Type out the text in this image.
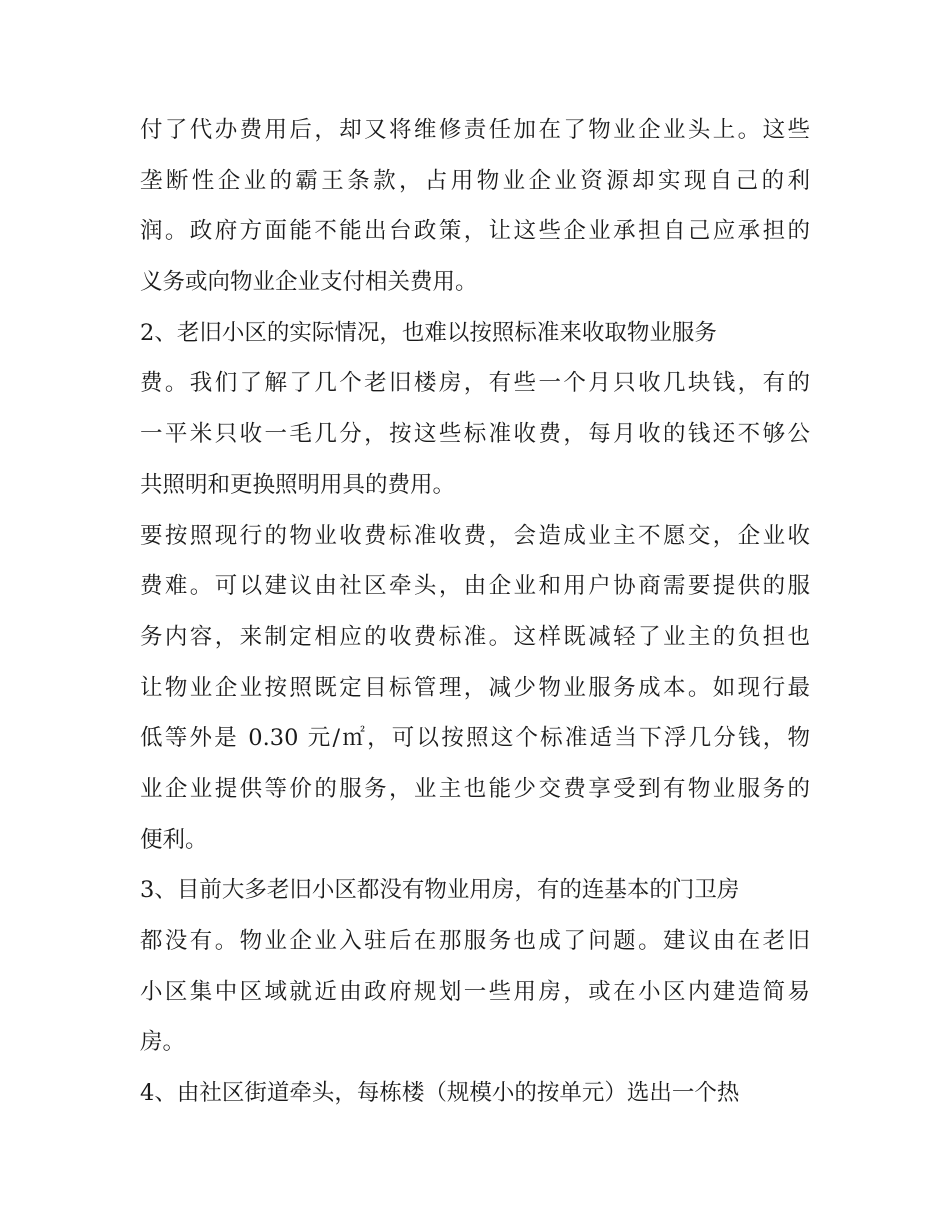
付了代办费用后，却又将维修责任加在了物业企业头上。这些
垄断性企业的霸王条款，占用物业企业资源却实现自己的利
润。政府方面能不能出台政策，让这些企业承担自己应承担的
义务或向物业企业支付相关费用。
2、老旧小区的实际情况，也难以按照标准来收取物业服务
费。我们了解了几个老旧楼房，有些一个月只收几块钱，有的
一平米只收一毛几分，按这些标准收费，每月收的钱还不够公
共照明和更换照明用具的费用。
要按照现行的物业收费标准收费，会造成业主不愿交，企业收
费难。可以建议由社区牵头，由企业和用户协商需要提供的服
务内容，来制定相应的收费标准。这样既减轻了业主的负担也
让物业企业按照既定目标管理，减少物业服务成本。如现行最
低等外是 0.30 元/㎡，可以按照这个标准适当下浮几分钱，物
业企业提供等价的服务，业主也能少交费享受到有物业服务的
便利。
3、目前大多老旧小区都没有物业用房，有的连基本的门卫房
都没有。物业企业入驻后在那服务也成了问题。建议由在老旧
小区集中区域就近由政府规划一些用房，或在小区内建造简易
房。
4、由社区街道牵头，每栋楼（规模小的按单元）选出一个热
